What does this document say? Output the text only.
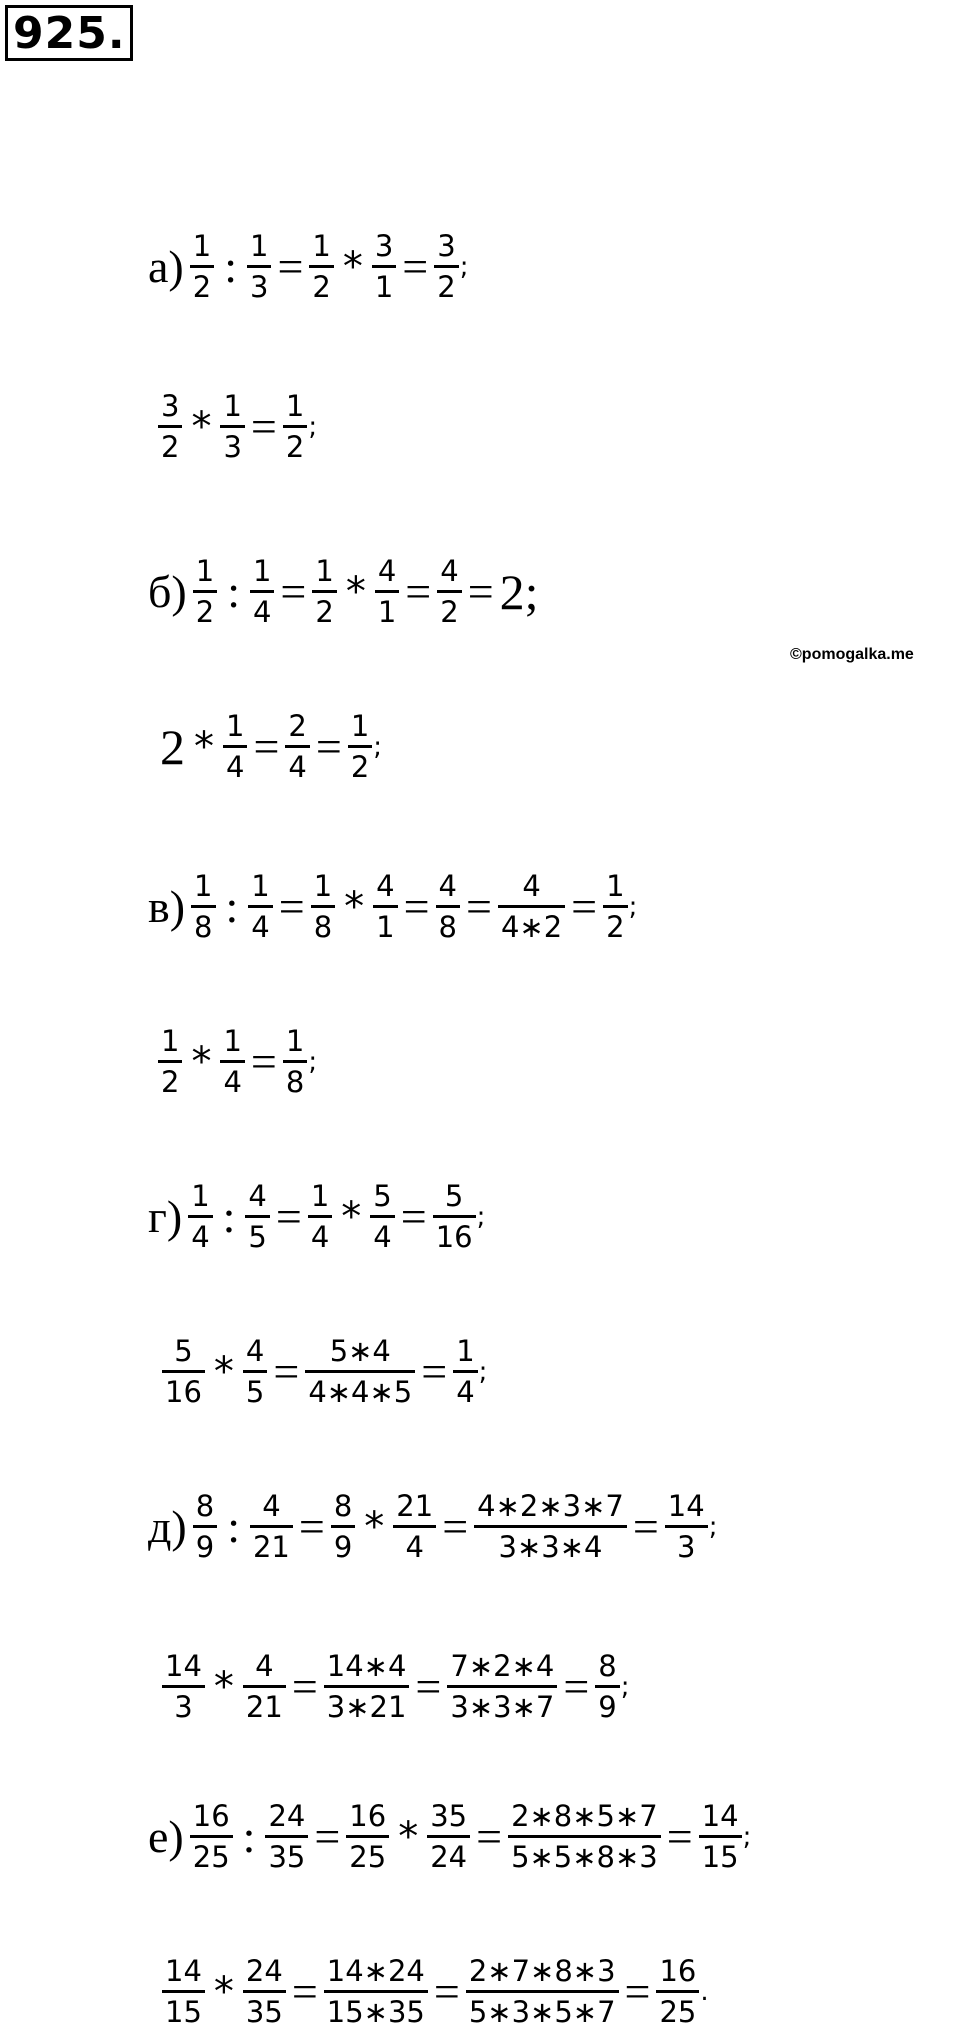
925.
©pomogalka.me
$а) \frac{1}{2}$ : $\frac{1}{3} = \frac{1}{2} * \frac{3}{1} = \frac{3}{2}$ ;
$\frac{3}{2} * \frac{1}{3} = \frac{1}{2}$ ;
$б) \frac{1}{2}$ : $\frac{1}{4} = \frac{1}{2} * \frac{4}{1} = \frac{4}{2} = 2$;
$2 * \frac{1}{4} = \frac{2}{4} = \frac{1}{2}$ ;
$в) \frac{1}{8}$ : $\frac{1}{4} = \frac{1}{8} * \frac{4}{1} = \frac{4}{8} = \frac{4}{4∗2} = \frac{1}{2}$ ;
$\frac{1}{2} * \frac{1}{4} = \frac{1}{8}$ ;
$г) \frac{1}{4}$ : $\frac{4}{5} = \frac{1}{4} * \frac{5}{4} = \frac{5}{16}$ ;
$\frac{5}{16} * \frac{4}{5} = \frac{5∗4}{4∗4∗5} = \frac{1}{4}$ ;
$д) \frac{8}{9}$ : $\frac{4}{21} = \frac{8}{9} * \frac{21}{4} = \frac{4∗2∗3∗7}{3∗3∗4} = \frac{14}{3}$ ;
$\frac{14}{3} * \frac{4}{21} = \frac{14∗4}{3∗21} = \frac{7∗2∗4}{3∗3∗7} = \frac{8}{9}$ ;
$е) \frac{16}{25}$ : $\frac{24}{35} = \frac{16}{25} * \frac{35}{24} = \frac{2∗8∗5∗7}{5∗5∗8∗3} = \frac{14}{15}$ ;
$\frac{14}{15} * \frac{24}{35} = \frac{14∗24}{15∗35} = \frac{2∗7∗8∗3}{5∗3∗5∗7} = \frac{16}{25}$ .
